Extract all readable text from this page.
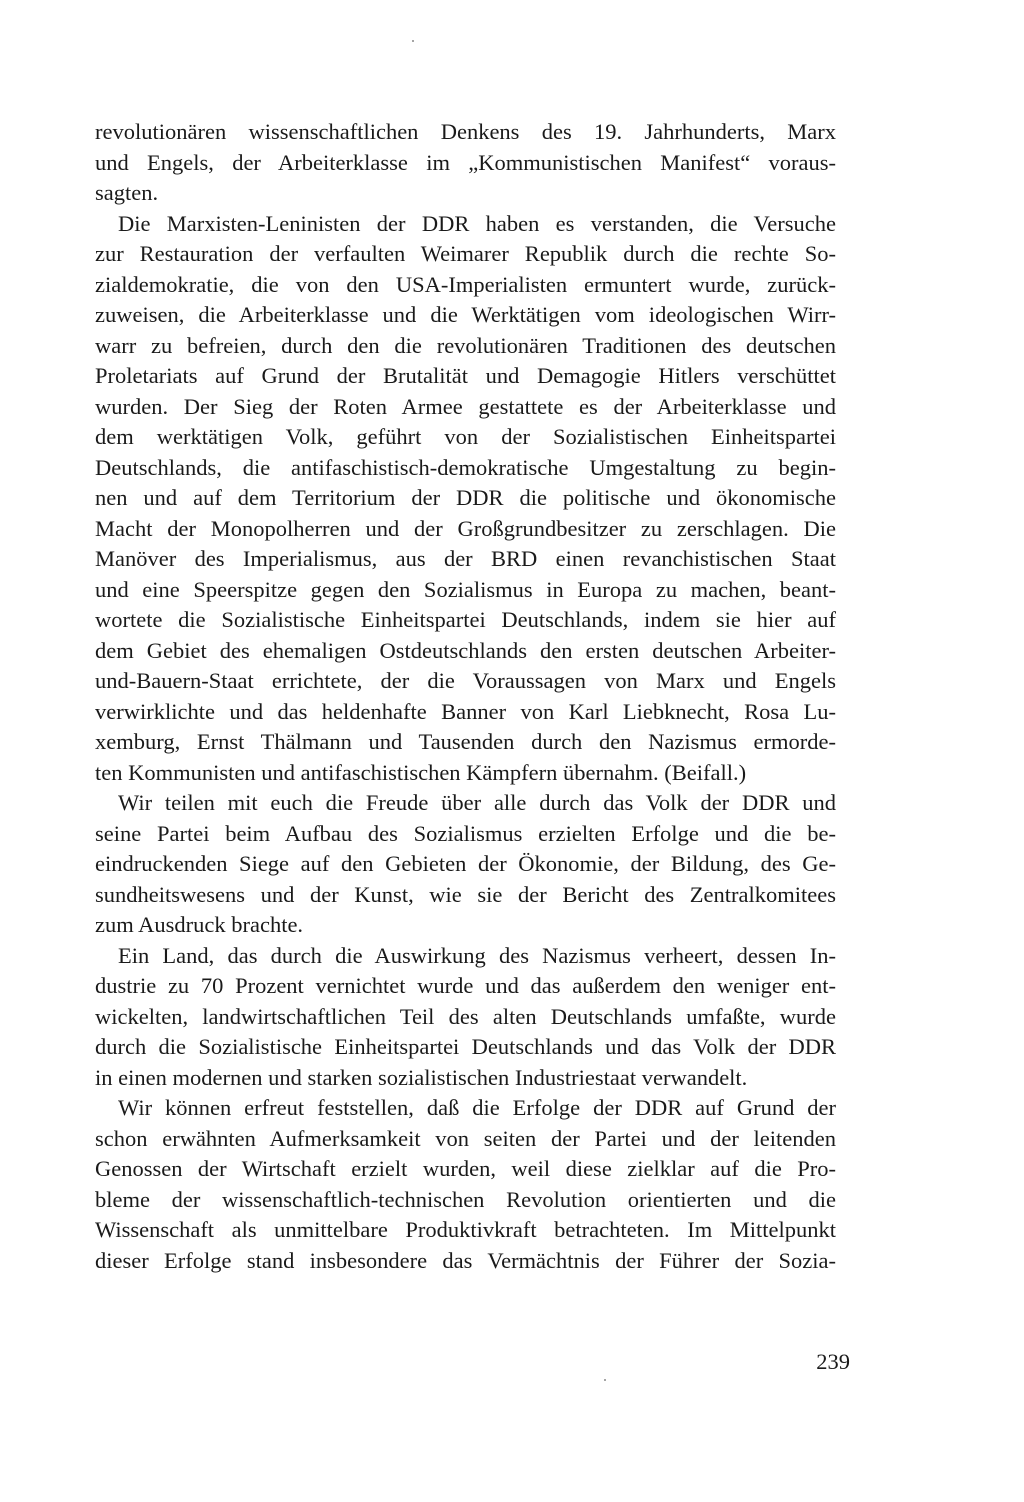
revolutionären wissenschaftlichen Denkens des 19. Jahrhunderts, Marx
und Engels, der Arbeiterklasse im „Kommunistischen Manifest“ voraus-
sagten.
Die Marxisten-Leninisten der DDR haben es verstanden, die Versuche
zur Restauration der verfaulten Weimarer Republik durch die rechte So-
zialdemokratie, die von den USA-Imperialisten ermuntert wurde, zurück-
zuweisen, die Arbeiterklasse und die Werktätigen vom ideologischen Wirr-
warr zu befreien, durch den die revolutionären Traditionen des deutschen
Proletariats auf Grund der Brutalität und Demagogie Hitlers verschüttet
wurden. Der Sieg der Roten Armee gestattete es der Arbeiterklasse und
dem werktätigen Volk, geführt von der Sozialistischen Einheitspartei
Deutschlands, die antifaschistisch-demokratische Umgestaltung zu begin-
nen und auf dem Territorium der DDR die politische und ökonomische
Macht der Monopolherren und der Großgrundbesitzer zu zerschlagen. Die
Manöver des Imperialismus, aus der BRD einen revanchistischen Staat
und eine Speerspitze gegen den Sozialismus in Europa zu machen, beant-
wortete die Sozialistische Einheitspartei Deutschlands, indem sie hier auf
dem Gebiet des ehemaligen Ostdeutschlands den ersten deutschen Arbeiter-
und-Bauern-Staat errichtete, der die Voraussagen von Marx und Engels
verwirklichte und das heldenhafte Banner von Karl Liebknecht, Rosa Lu-
xemburg, Ernst Thälmann und Tausenden durch den Nazismus ermorde-
ten Kommunisten und antifaschistischen Kämpfern übernahm. (Beifall.)
Wir teilen mit euch die Freude über alle durch das Volk der DDR und
seine Partei beim Aufbau des Sozialismus erzielten Erfolge und die be-
eindruckenden Siege auf den Gebieten der Ökonomie, der Bildung, des Ge-
sundheitswesens und der Kunst, wie sie der Bericht des Zentralkomitees
zum Ausdruck brachte.
Ein Land, das durch die Auswirkung des Nazismus verheert, dessen In-
dustrie zu 70 Prozent vernichtet wurde und das außerdem den weniger ent-
wickelten, landwirtschaftlichen Teil des alten Deutschlands umfaßte, wurde
durch die Sozialistische Einheitspartei Deutschlands und das Volk der DDR
in einen modernen und starken sozialistischen Industriestaat verwandelt.
Wir können erfreut feststellen, daß die Erfolge der DDR auf Grund der
schon erwähnten Aufmerksamkeit von seiten der Partei und der leitenden
Genossen der Wirtschaft erzielt wurden, weil diese zielklar auf die Pro-
bleme der wissenschaftlich-technischen Revolution orientierten und die
Wissenschaft als unmittelbare Produktivkraft betrachteten. Im Mittelpunkt
dieser Erfolge stand insbesondere das Vermächtnis der Führer der Sozia-
239
